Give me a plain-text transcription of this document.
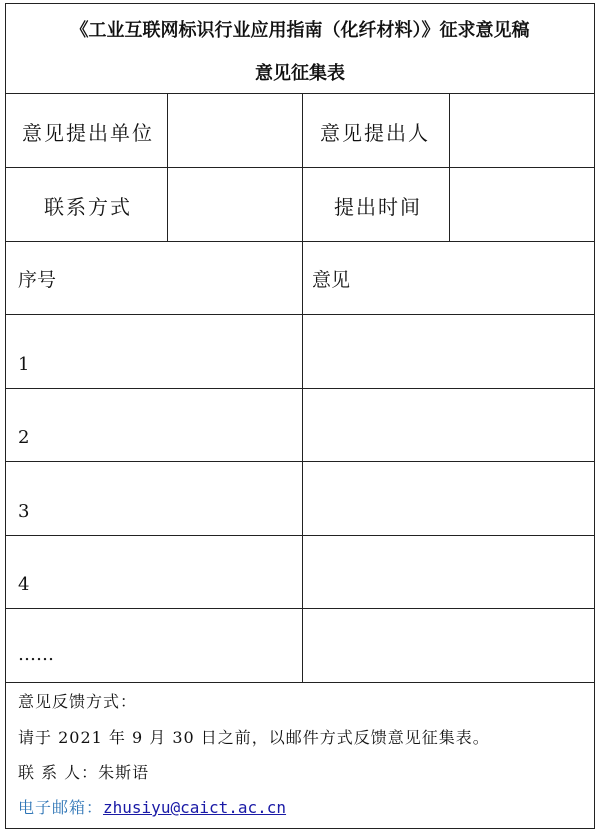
《工业互联网标识行业应用指南（化纤材料）》征求意见稿
意见征集表
意见提出单位	意见提出人
联系方式	提出时间
序号	意见
1
2
3
4
……
意见反馈方式：
请于 2021 年 9 月 30 日之前，以邮件方式反馈意见征集表。
联 系 人：朱斯语
电子邮箱：zhusiyu@caict.ac.cn
